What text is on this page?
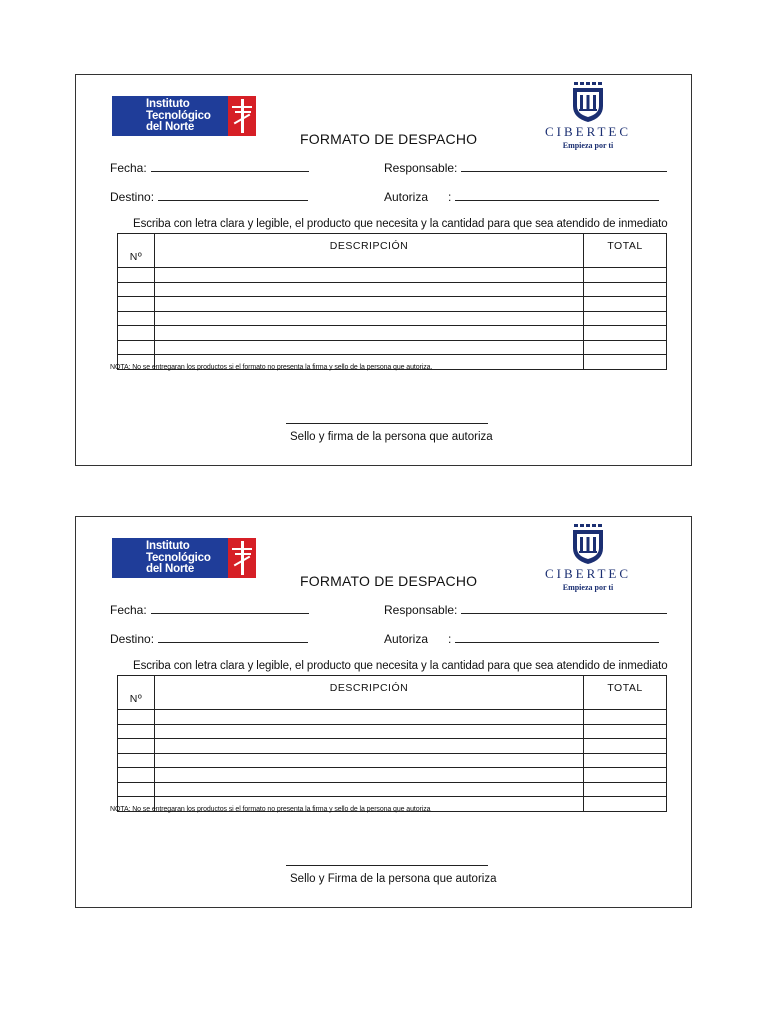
Instituto
Tecnológico
del Norte	CIBERTEC
Empieza por ti
FORMATO DE DESPACHO
Fecha:	Responsable:
Destino:	Autoriza :
Escriba con letra clara y legible, el producto que necesita y la cantidad para que sea atendido de inmediato
Nº	DESCRIPCIÓN	TOTAL

NOTA: No se entregaran los productos si el formato no presenta la firma y sello de la persona que autoriza.
Sello y firma de la persona que autoriza
Instituto
Tecnológico
del Norte	CIBERTEC
Empieza por ti
FORMATO DE DESPACHO
Fecha:	Responsable:
Destino:	Autoriza :
Escriba con letra clara y legible, el producto que necesita y la cantidad para que sea atendido de inmediato
Nº	DESCRIPCIÓN	TOTAL

NOTA: No se entregaran los productos si el formato no presenta la firma y sello de la persona que autoriza
Sello y Firma de la persona que autoriza
